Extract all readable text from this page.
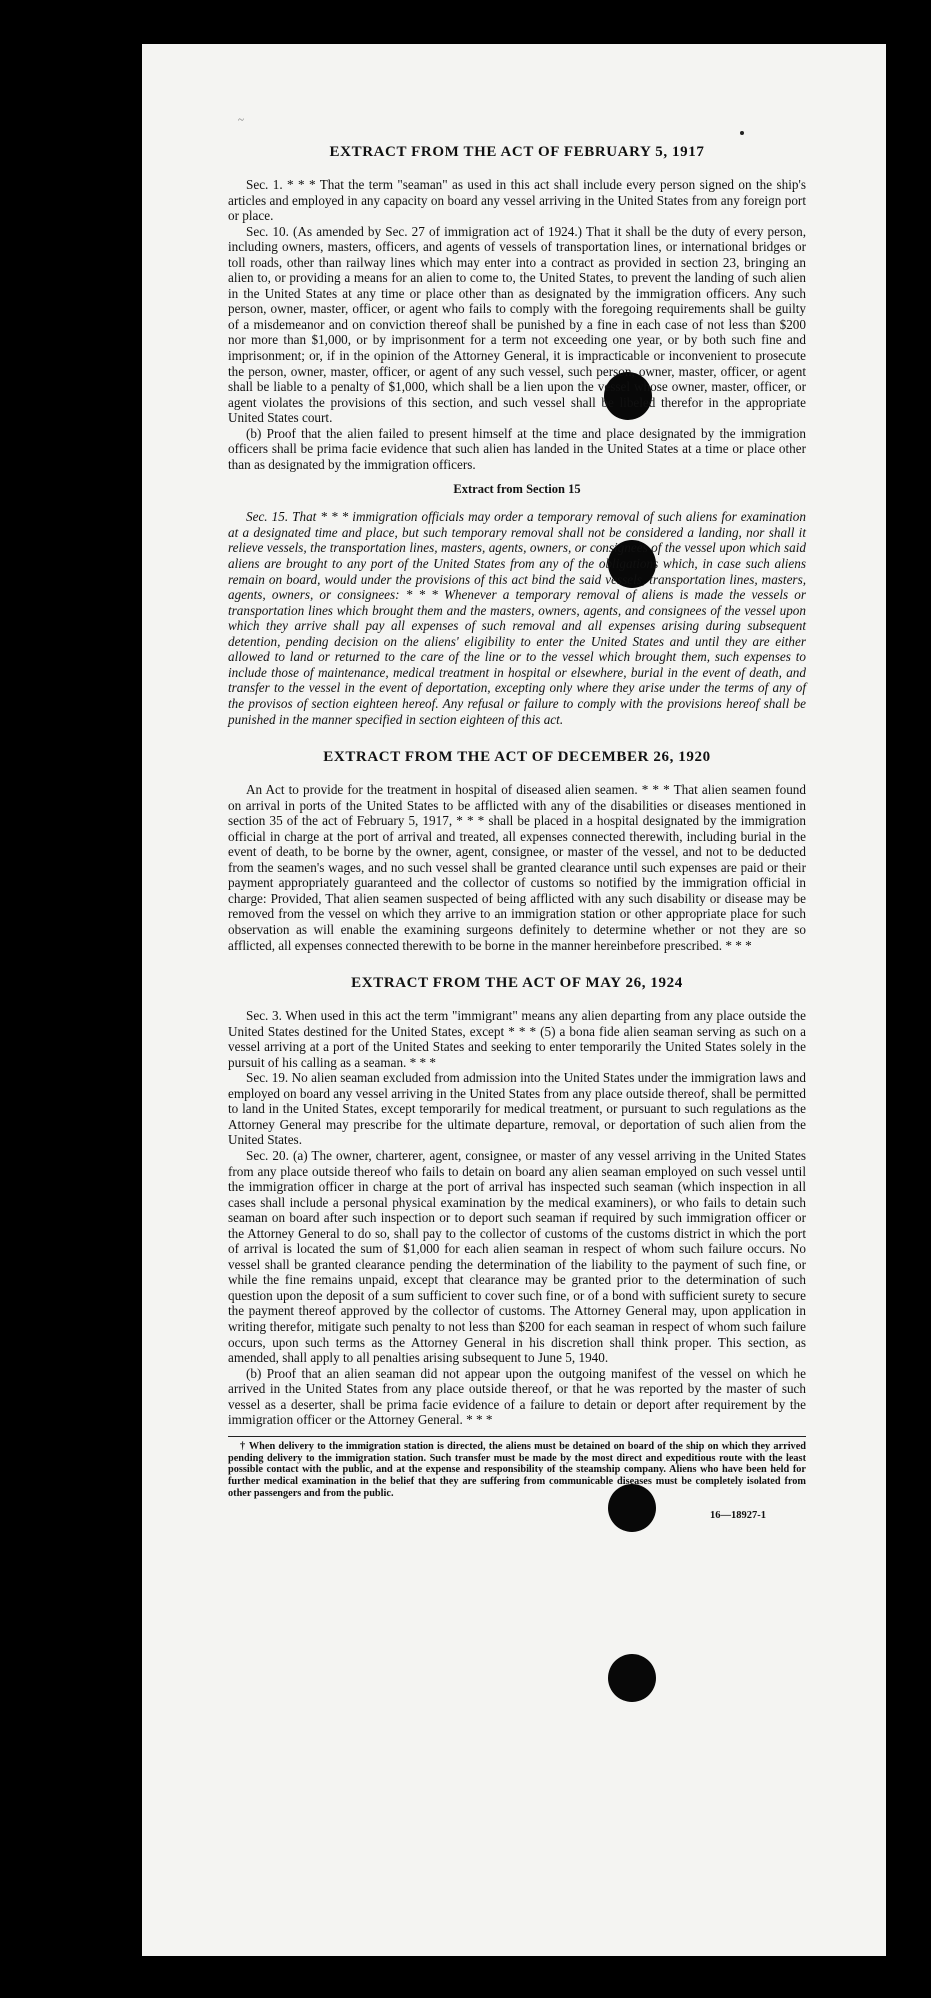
~
EXTRACT FROM THE ACT OF FEBRUARY 5, 1917

Sec. 1. * * * That the term "seaman" as used in this act shall include every person signed on the ship's articles and employed in any capacity on board any vessel arriving in the United States from any foreign port or place.

Sec. 10. (As amended by Sec. 27 of immigration act of 1924.) That it shall be the duty of every person, including owners, masters, officers, and agents of vessels of transportation lines, or international bridges or toll roads, other than railway lines which may enter into a contract as provided in section 23, bringing an alien to, or providing a means for an alien to come to, the United States, to prevent the landing of such alien in the United States at any time or place other than as designated by the immigration officers. Any such person, owner, master, officer, or agent who fails to comply with the foregoing requirements shall be guilty of a misdemeanor and on conviction thereof shall be punished by a fine in each case of not less than $200 nor more than $1,000, or by imprisonment for a term not exceeding one year, or by both such fine and imprisonment; or, if in the opinion of the Attorney General, it is impracticable or inconvenient to prosecute the person, owner, master, officer, or agent of any such vessel, such person, owner, master, officer, or agent shall be liable to a penalty of $1,000, which shall be a lien upon the vessel whose owner, master, officer, or agent violates the provisions of this section, and such vessel shall be libeled therefor in the appropriate United States court.

(b) Proof that the alien failed to present himself at the time and place designated by the immigration officers shall be prima facie evidence that such alien has landed in the United States at a time or place other than as designated by the immigration officers.

Extract from Section 15

Sec. 15. That * * * immigration officials may order a temporary removal of such aliens for examination at a designated time and place, but such temporary removal shall not be considered a landing, nor shall it relieve vessels, the transportation lines, masters, agents, owners, or consignees of the vessel upon which said aliens are brought to any port of the United States from any of the obligations which, in case such aliens remain on board, would under the provisions of this act bind the said vessels, transportation lines, masters, agents, owners, or consignees: * * * Whenever a temporary removal of aliens is made the vessels or transportation lines which brought them and the masters, owners, agents, and consignees of the vessel upon which they arrive shall pay all expenses of such removal and all expenses arising during subsequent detention, pending decision on the aliens' eligibility to enter the United States and until they are either allowed to land or returned to the care of the line or to the vessel which brought them, such expenses to include those of maintenance, medical treatment in hospital or elsewhere, burial in the event of death, and transfer to the vessel in the event of deportation, excepting only where they arise under the terms of any of the provisos of section eighteen hereof. Any refusal or failure to comply with the provisions hereof shall be punished in the manner specified in section eighteen of this act.

EXTRACT FROM THE ACT OF DECEMBER 26, 1920

An Act to provide for the treatment in hospital of diseased alien seamen. * * * That alien seamen found on arrival in ports of the United States to be afflicted with any of the disabilities or diseases mentioned in section 35 of the act of February 5, 1917, * * * shall be placed in a hospital designated by the immigration official in charge at the port of arrival and treated, all expenses connected therewith, including burial in the event of death, to be borne by the owner, agent, consignee, or master of the vessel, and not to be deducted from the seamen's wages, and no such vessel shall be granted clearance until such expenses are paid or their payment appropriately guaranteed and the collector of customs so notified by the immigration official in charge: Provided, That alien seamen suspected of being afflicted with any such disability or disease may be removed from the vessel on which they arrive to an immigration station or other appropriate place for such observation as will enable the examining surgeons definitely to determine whether or not they are so afflicted, all expenses connected therewith to be borne in the manner hereinbefore prescribed. * * *

EXTRACT FROM THE ACT OF MAY 26, 1924

Sec. 3. When used in this act the term "immigrant" means any alien departing from any place outside the United States destined for the United States, except * * * (5) a bona fide alien seaman serving as such on a vessel arriving at a port of the United States and seeking to enter temporarily the United States solely in the pursuit of his calling as a seaman. * * *

Sec. 19. No alien seaman excluded from admission into the United States under the immigration laws and employed on board any vessel arriving in the United States from any place outside thereof, shall be permitted to land in the United States, except temporarily for medical treatment, or pursuant to such regulations as the Attorney General may prescribe for the ultimate departure, removal, or deportation of such alien from the United States.

Sec. 20. (a) The owner, charterer, agent, consignee, or master of any vessel arriving in the United States from any place outside thereof who fails to detain on board any alien seaman employed on such vessel until the immigration officer in charge at the port of arrival has inspected such seaman (which inspection in all cases shall include a personal physical examination by the medical examiners), or who fails to detain such seaman on board after such inspection or to deport such seaman if required by such immigration officer or the Attorney General to do so, shall pay to the collector of customs of the customs district in which the port of arrival is located the sum of $1,000 for each alien seaman in respect of whom such failure occurs. No vessel shall be granted clearance pending the determination of the liability to the payment of such fine, or while the fine remains unpaid, except that clearance may be granted prior to the determination of such question upon the deposit of a sum sufficient to cover such fine, or of a bond with sufficient surety to secure the payment thereof approved by the collector of customs. The Attorney General may, upon application in writing therefor, mitigate such penalty to not less than $200 for each seaman in respect of whom such failure occurs, upon such terms as the Attorney General in his discretion shall think proper. This section, as amended, shall apply to all penalties arising subsequent to June 5, 1940.

(b) Proof that an alien seaman did not appear upon the outgoing manifest of the vessel on which he arrived in the United States from any place outside thereof, or that he was reported by the master of such vessel as a deserter, shall be prima facie evidence of a failure to detain or deport after requirement by the immigration officer or the Attorney General. * * *

† When delivery to the immigration station is directed, the aliens must be detained on board of the ship on which they arrived pending delivery to the immigration station. Such transfer must be made by the most direct and expeditious route with the least possible contact with the public, and at the expense and responsibility of the steamship company. Aliens who have been held for further medical examination in the belief that they are suffering from communicable diseases must be completely isolated from other passengers and from the public.

16—18927-1
